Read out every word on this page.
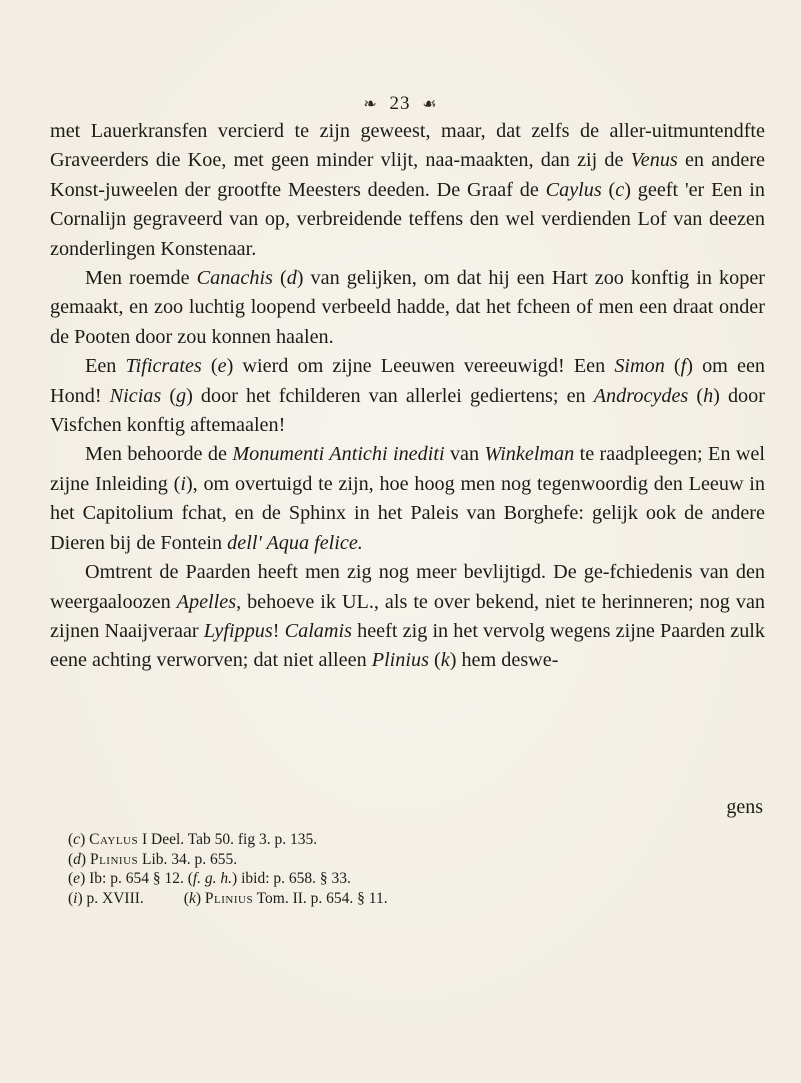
❧ 23 ☙

met Lauerkransfen vercierd te zijn geweest, maar, dat zelfs de aller-uitmuntendfte Graveerders die Koe, met geen minder vlijt, naa-maakten, dan zij de Venus en andere Konst-juweelen der grootfte Meesters deeden. De Graaf de Caylus (c) geeft 'er Een in Cornalijn gegraveerd van op, verbreidende teffens den wel verdienden Lof van deezen zonderlingen Konstenaar.

Men roemde Canachis (d) van gelijken, om dat hij een Hart zoo konftig in koper gemaakt, en zoo luchtig loopend verbeeld hadde, dat het fcheen of men een draat onder de Pooten door zou konnen haalen.

Een Tificrates (e) wierd om zijne Leeuwen vereeuwigd! Een Simon (f) om een Hond! Nicias (g) door het fchilderen van allerlei gediertens; en Androcydes (h) door Visfchen konftig aftemaalen!

Men behoorde de Monumenti Antichi inediti van Winkelman te raadpleegen; En wel zijne Inleiding (i), om overtuigd te zijn, hoe hoog men nog tegenwoordig den Leeuw in het Capitolium fchat, en de Sphinx in het Paleis van Borghefe: gelijk ook de andere Dieren bij de Fontein dell' Aqua felice.

Omtrent de Paarden heeft men zig nog meer bevlijtigd. De ge-fchiedenis van den weergaaloozen Apelles, behoeve ik UL., als te over bekend, niet te herinneren; nog van zijnen Naaijveraar Lyfippus! Calamis heeft zig in het vervolg wegens zijne Paarden zulk eene achting verworven; dat niet alleen Plinius (k) hem deswe-

gens
(c) Caylus I Deel. Tab 50. fig 3. p. 135.
(d) Plinius Lib. 34. p. 655.
(e) Ib: p. 654 § 12. (f. g. h.) ibid: p. 658. § 33.
(i) p. XVIII.	(k) Plinius Tom. II. p. 654. § 11.
